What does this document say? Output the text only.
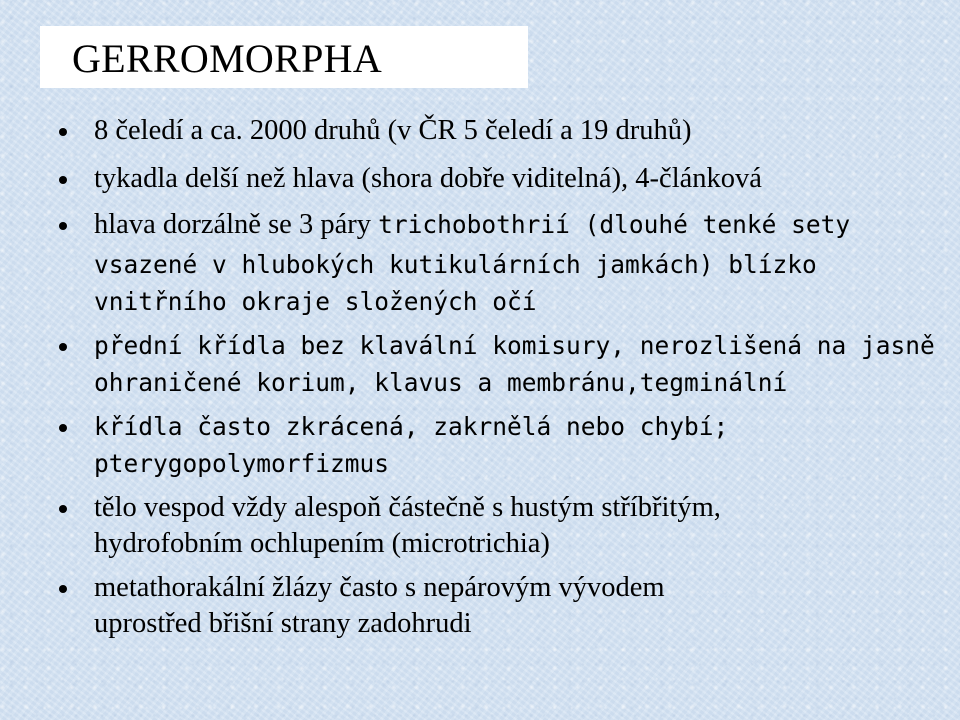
GERROMORPHA
8 čeledí a ca. 2000 druhů (v ČR 5 čeledí a 19 druhů)
tykadla delší než hlava (shora dobře viditelná), 4-článková
hlava dorzálně se 3 páry trichobothrií (dlouhé tenké sety
vsazené v hlubokých kutikulárních jamkách) blízko
vnitřního okraje složených očí
přední křídla bez klavální komisury, nerozlišená na jasně
ohraničené korium, klavus a membránu,tegminální
křídla často zkrácená, zakrnělá nebo chybí;
pterygopolymorfizmus
tělo vespod vždy alespoň částečně s hustým stříbřitým,
hydrofobním ochlupením (microtrichia)
metathorakální žlázy často s nepárovým vývodem
uprostřed břišní strany zadohrudi
